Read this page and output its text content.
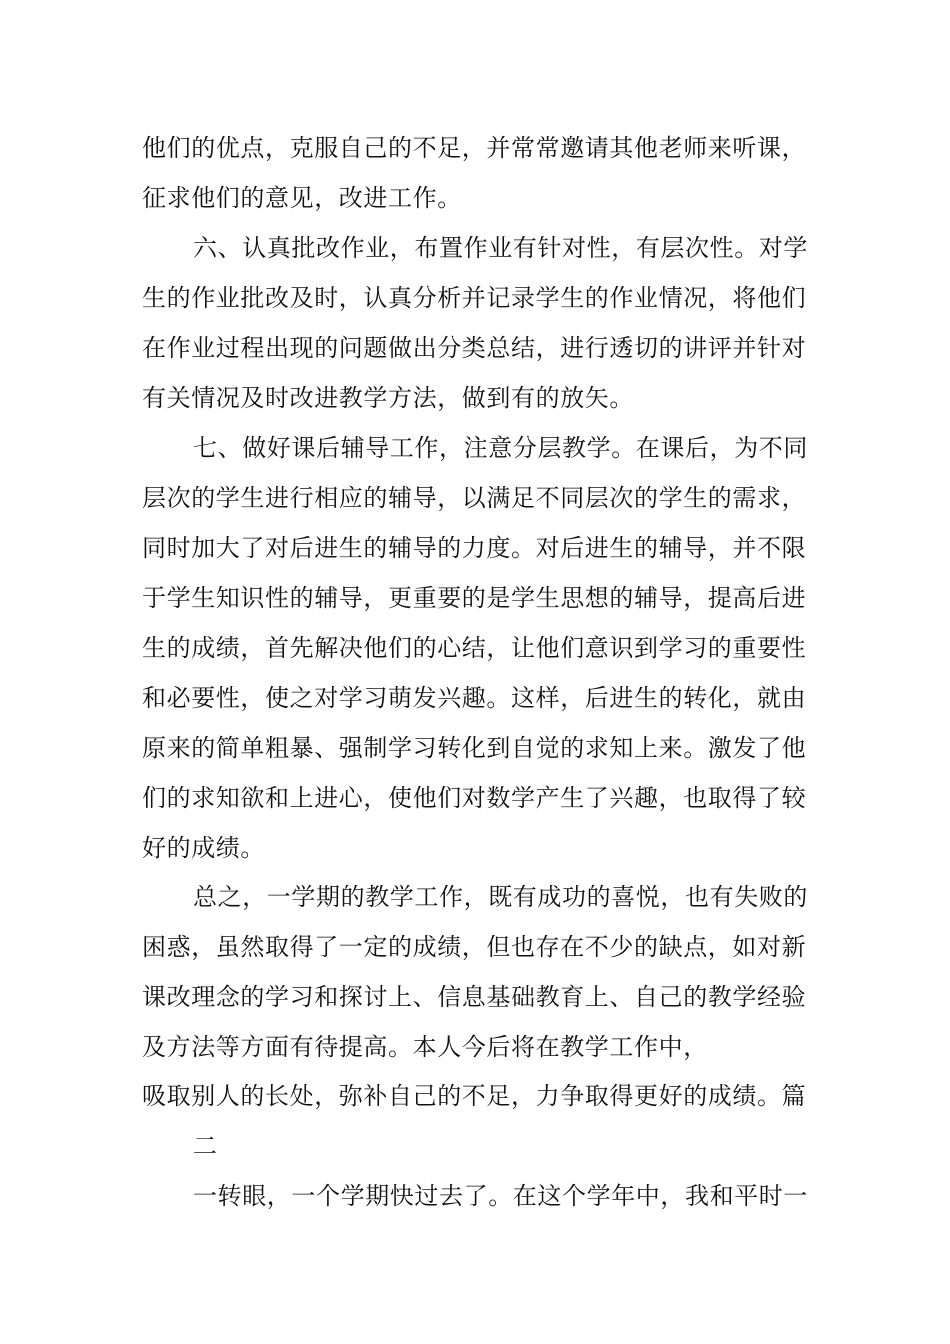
他们的优点，克服自己的不足，并常常邀请其他老师来听课，
征求他们的意见，改进工作。
六、认真批改作业，布置作业有针对性，有层次性。对学
生的作业批改及时，认真分析并记录学生的作业情况，将他们
在作业过程出现的问题做出分类总结，进行透切的讲评并针对
有关情况及时改进教学方法，做到有的放矢。
七、做好课后辅导工作，注意分层教学。在课后，为不同
层次的学生进行相应的辅导，以满足不同层次的学生的需求，
同时加大了对后进生的辅导的力度。对后进生的辅导，并不限
于学生知识性的辅导，更重要的是学生思想的辅导，提高后进
生的成绩，首先解决他们的心结，让他们意识到学习的重要性
和必要性，使之对学习萌发兴趣。这样，后进生的转化，就由
原来的简单粗暴、强制学习转化到自觉的求知上来。激发了他
们的求知欲和上进心，使他们对数学产生了兴趣，也取得了较
好的成绩。
总之，一学期的教学工作，既有成功的喜悦，也有失败的
困惑，虽然取得了一定的成绩，但也存在不少的缺点，如对新
课改理念的学习和探讨上、信息基础教育上、自己的教学经验
及方法等方面有待提高。本人今后将在教学工作中，
吸取别人的长处，弥补自己的不足，力争取得更好的成绩。篇
二
一转眼，一个学期快过去了。在这个学年中，我和平时一
